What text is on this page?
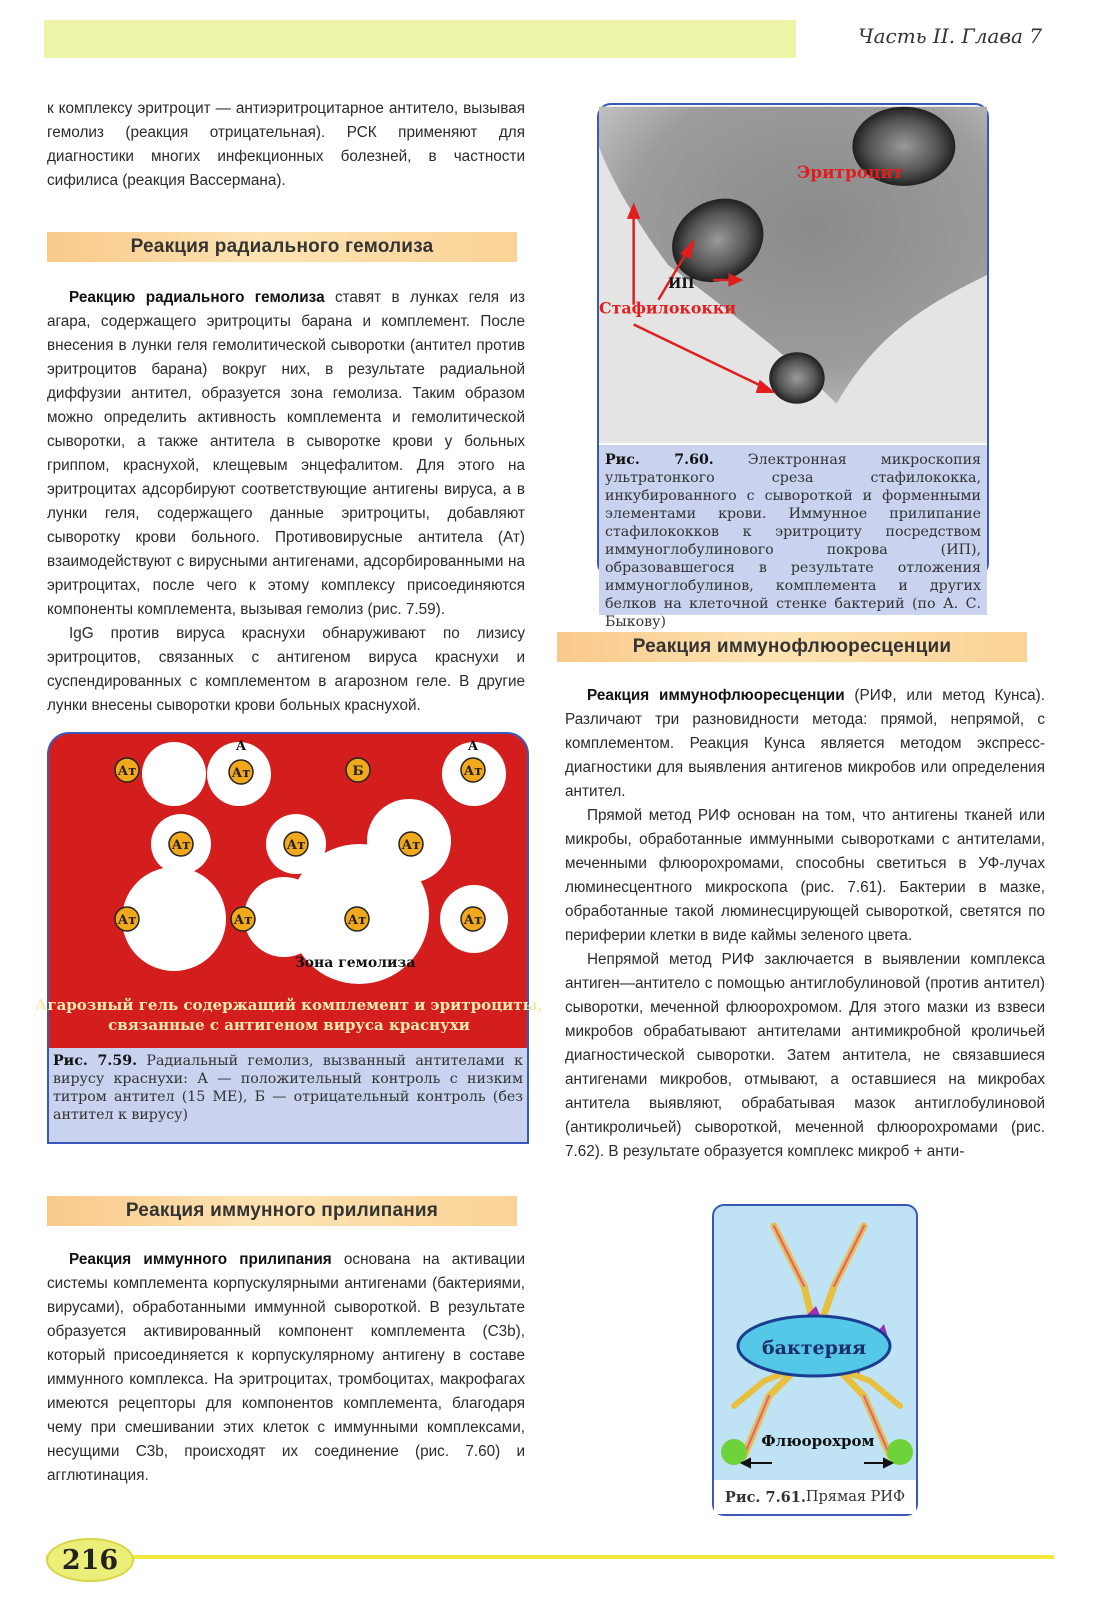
Часть II. Глава 7

к комплексу эритроцит — антиэритроцитарное антитело, вызывая гемолиз (реакция отрицательная). РСК применяют для диагностики многих инфекционных болезней, в частности сифилиса (реакция Вассермана).

Реакция радиального гемолиза

Реакцию радиального гемолиза ставят в лунках геля из агара, содержащего эритроциты барана и комплемент. После внесения в лунки геля гемолитической сыворотки (антител против эритроцитов барана) вокруг них, в результате радиальной диффузии антител, образуется зона гемолиза. Таким образом можно определить активность комплемента и гемолитической сыворотки, а также антитела в сыворотке крови у больных гриппом, краснухой, клещевым энцефалитом. Для этого на эритроцитах адсорбируют соответствующие антигены вируса, а в лунки геля, содержащего данные эритроциты, добавляют сыворотку крови больного. Противовирусные антитела (Ат) взаимодействуют с вирусными антигенами, адсорбированными на эритроцитах, после чего к этому комплексу присоединяются компоненты комплемента, вызывая гемолиз (рис. 7.59).

IgG против вируса краснухи обнаруживают по лизису эритроцитов, связанных с антигеном вируса краснухи и суспендированных с комплементом в агарозном геле. В другие лунки внесены сыворотки крови больных краснухой.

Ат	Ат	Б	Ат
Ат	Ат	Ат
Ат	Ат	Ат	Ат
А	А
Зона гемолиза
Агарозный гель содержащий комплемент и эритроциты,
связанные с антигеном вируса краснухи
Рис. 7.59. Радиальный гемолиз, вызванный антителами к вирусу краснухи: А — положительный контроль с низким титром антител (15 МЕ), Б — отрицательный контроль (без антител к вирусу)
Эритроцит
ИП
Стафилококки
Рис. 7.60. Электронная микроскопия ультратонкого среза стафилококка, инкубированного с сывороткой и форменными элементами крови. Иммунное прилипание стафилококков к эритроциту посредством иммуноглобулинового покрова (ИП), образовавшегося в результате отложения иммуноглобулинов, комплемента и других белков на клеточной стенке бактерий (по А. С. Быкову)
Реакция иммунофлюоресценции

Реакция иммунофлюоресценции (РИФ, или метод Кунса). Различают три разновидности метода: прямой, непрямой, с комплементом. Реакция Кунса является методом экспресс-диагностики для выявления антигенов микробов или определения антител.

Прямой метод РИФ основан на том, что антигены тканей или микробы, обработанные иммунными сыворотками с антителами, меченными флюорохромами, способны светиться в УФ-лучах люминесцентного микроскопа (рис. 7.61). Бактерии в мазке, обработанные такой люминесцирующей сывороткой, светятся по периферии клетки в виде каймы зеленого цвета.

Непрямой метод РИФ заключается в выявлении комплекса антиген—антитело с помощью антиглобулиновой (против антител) сыворотки, меченной флюорохромом. Для этого мазки из взвеси микробов обрабатывают антителами антимикробной кроличьей диагностической сыворотки. Затем антитела, не связавшиеся антигенами микробов, отмывают, а оставшиеся на микробах антитела выявляют, обрабатывая мазок антиглобулиновой (антикроличьей) сывороткой, меченной флюорохромами (рис. 7.62). В результате образуется комплекс микроб + анти-

бактерия
Флюорохром
Рис. 7.61. Прямая РИФ
Реакция иммунного прилипания

Реакция иммунного прилипания основана на активации системы комплемента корпускулярными антигенами (бактериями, вирусами), обработанными иммунной сывороткой. В результате образуется активированный компонент комплемента (С3b), который присоединяется к корпускулярному антигену в составе иммунного комплекса. На эритроцитах, тромбоцитах, макрофагах имеются рецепторы для компонентов комплемента, благодаря чему при смешивании этих клеток с иммунными комплексами, несущими С3b, происходят их соединение (рис. 7.60) и агглютинация.

216
